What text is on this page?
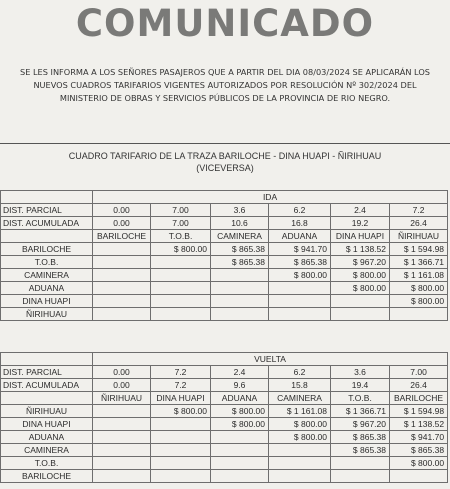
COMUNICADO
SE LES INFORMA A LOS SEÑORES PASAJEROS QUE A PARTIR DEL DIA 08/03/2024 SE APLICARÁN LOS
NUEVOS CUADROS TARIFARIOS VIGENTES AUTORIZADOS POR RESOLUCIÓN Nº 302/2024 DEL
MINISTERIO DE OBRAS Y SERVICIOS PÚBLICOS DE LA PROVINCIA DE RIO NEGRO.
CUADRO TARIFARIO DE LA TRAZA BARILOCHE - DINA HUAPI - ÑIRIHUAU
(VICEVERSA)
	IDA					
DIST. PARCIAL	0.00	7.00	3.6	6.2	2.4	7.2
DIST. ACUMULADA	0.00	7.00	10.6	16.8	19.2	26.4
	BARILOCHE	T.O.B.	CAMINERA	ADUANA	DINA HUAPI	ÑIRIHUAU
BARILOCHE		$ 800.00	$ 865.38	$ 941.70	$ 1 138.52	$ 1 594.98
T.O.B.			$ 865.38	$ 865.38	$ 967.20	$ 1 366.71
CAMINERA				$ 800.00	$ 800.00	$ 1 161.08
ADUANA					$ 800.00	$ 800.00
DINA HUAPI						$ 800.00
ÑIRIHUAU						
	VUELTA					
DIST. PARCIAL	0.00	7.2	2.4	6.2	3.6	7.00
DIST. ACUMULADA	0.00	7.2	9.6	15.8	19.4	26.4
	ÑIRIHUAU	DINA HUAPI	ADUANA	CAMINERA	T.O.B.	BARILOCHE
ÑIRIHUAU		$ 800.00	$ 800.00	$ 1 161.08	$ 1 366.71	$ 1 594.98
DINA HUAPI			$ 800.00	$ 800.00	$ 967.20	$ 1 138.52
ADUANA				$ 800.00	$ 865.38	$ 941.70
CAMINERA					$ 865.38	$ 865.38
T.O.B.						$ 800.00
BARILOCHE						
